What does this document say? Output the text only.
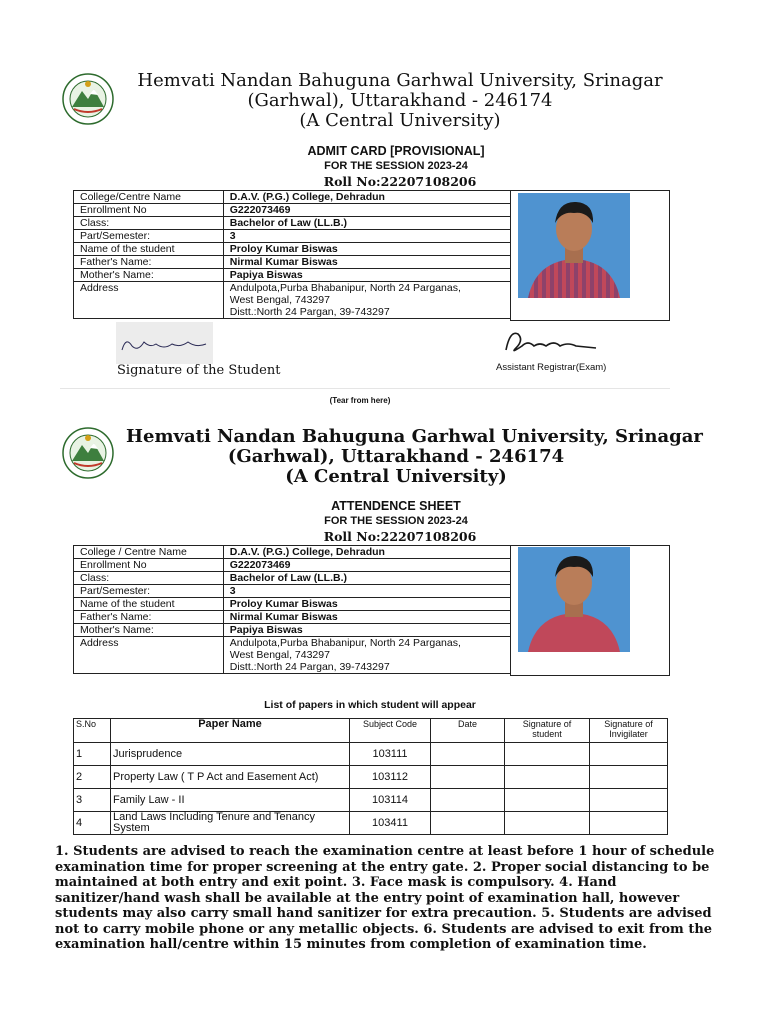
Hemvati Nandan Bahuguna Garhwal University, Srinagar
(Garhwal), Uttarakhand - 246174
(A Central University)
ADMIT CARD [PROVISIONAL]
FOR THE SESSION 2023-24
Roll No:22207108206
College/Centre Name	D.A.V. (P.G.) College, Dehradun
Enrollment No	G222073469
Class:	Bachelor of Law (LL.B.)
Part/Semester:	3
Name of the student	Proloy Kumar Biswas
Father's Name:	Nirmal Kumar Biswas
Mother's Name:	Papiya Biswas
Address	Andulpota,Purba Bhabanipur, North 24 Parganas,
West Bengal, 743297
Distt.:North 24 Pargan, 39-743297
Signature of the Student	Assistant Registrar(Exam)
(Tear from here)
Hemvati Nandan Bahuguna Garhwal University, Srinagar
(Garhwal), Uttarakhand - 246174
(A Central University)
ATTENDENCE SHEET
FOR THE SESSION 2023-24
Roll No:22207108206
College / Centre Name	D.A.V. (P.G.) College, Dehradun
Enrollment No	G222073469
Class:	Bachelor of Law (LL.B.)
Part/Semester:	3
Name of the student	Proloy Kumar Biswas
Father's Name:	Nirmal Kumar Biswas
Mother's Name:	Papiya Biswas
Address	Andulpota,Purba Bhabanipur, North 24 Parganas,
West Bengal, 743297
Distt.:North 24 Pargan, 39-743297
List of papers in which student will appear
S.No	Paper Name	Subject Code	Date	Signature of student	Signature of Invigilater
1	Jurisprudence	103111			
2	Property Law ( T P Act and Easement Act)	103112			
3	Family Law - II	103114			
4	Land Laws Including Tenure and Tenancy System	103411			
1. Students are advised to reach the examination centre at least before 1 hour of schedule examination time for proper screening at the entry gate. 2. Proper social distancing to be maintained at both entry and exit point. 3. Face mask is compulsory. 4. Hand sanitizer/hand wash shall be available at the entry point of examination hall, however students may also carry small hand sanitizer for extra precaution. 5. Students are advised not to carry mobile phone or any metallic objects. 6. Students are advised to exit from the examination hall/centre within 15 minutes from completion of examination time.
